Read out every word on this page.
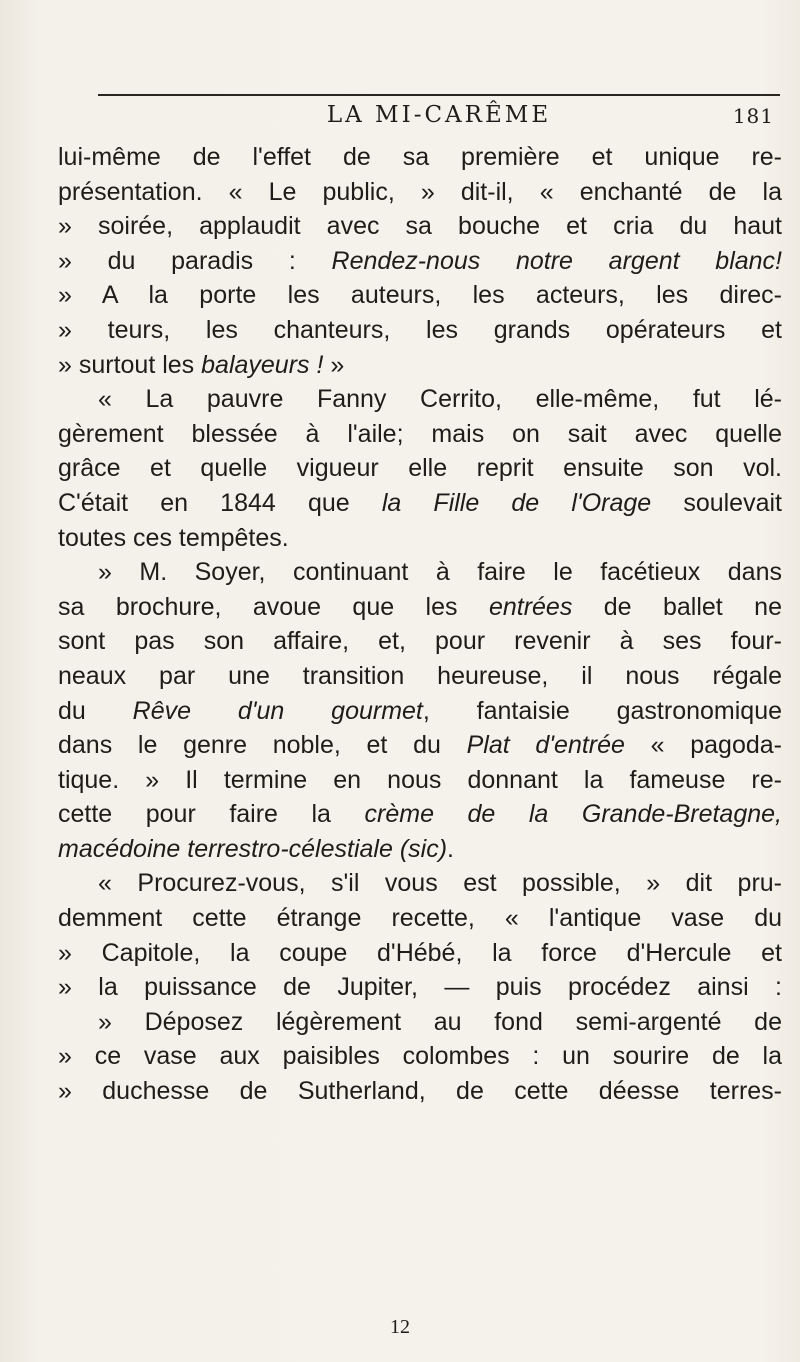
LA MI-CARÊME	181
lui-même de l'effet de sa première et unique re-
présentation. « Le public, » dit-il, « enchanté de la
» soirée, applaudit avec sa bouche et cria du haut
» du paradis : Rendez-nous notre argent blanc!
» A la porte les auteurs, les acteurs, les direc-
» teurs, les chanteurs, les grands opérateurs et
» surtout les balayeurs ! »
« La pauvre Fanny Cerrito, elle-même, fut lé-
gèrement blessée à l'aile; mais on sait avec quelle
grâce et quelle vigueur elle reprit ensuite son vol.
C'était en 1844 que la Fille de l'Orage soulevait
toutes ces tempêtes.
» M. Soyer, continuant à faire le facétieux dans
sa brochure, avoue que les entrées de ballet ne
sont pas son affaire, et, pour revenir à ses four-
neaux par une transition heureuse, il nous régale
du Rêve d'un gourmet, fantaisie gastronomique
dans le genre noble, et du Plat d'entrée « pagoda-
tique. » Il termine en nous donnant la fameuse re-
cette pour faire la crème de la Grande-Bretagne,
macédoine terrestro-célestiale (sic).
« Procurez-vous, s'il vous est possible, » dit pru-
demment cette étrange recette, « l'antique vase du
» Capitole, la coupe d'Hébé, la force d'Hercule et
» la puissance de Jupiter, — puis procédez ainsi :
» Déposez légèrement au fond semi-argenté de
» ce vase aux paisibles colombes : un sourire de la
» duchesse de Sutherland, de cette déesse terres-
12
